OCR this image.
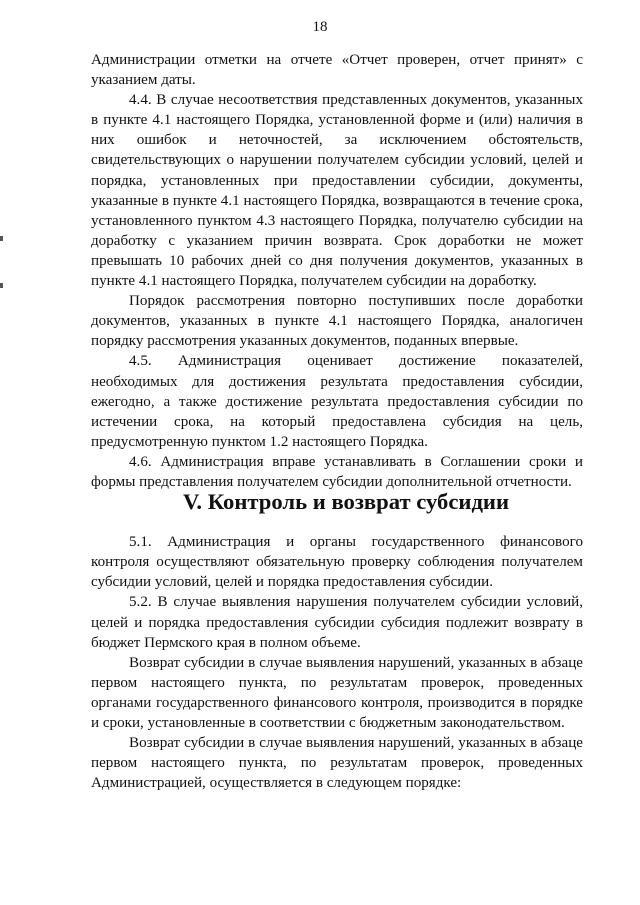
18

Администрации отметки на отчете «Отчет проверен, отчет принят» с указанием даты.

4.4. В случае несоответствия представленных документов, указанных в пункте 4.1 настоящего Порядка, установленной форме и (или) наличия в них ошибок и неточностей, за исключением обстоятельств, свидетельствующих о нарушении получателем субсидии условий, целей и порядка, установленных при предоставлении субсидии, документы, указанные в пункте 4.1 настоящего Порядка, возвращаются в течение срока, установленного пунктом 4.3 настоящего Порядка, получателю субсидии на доработку с указанием причин возврата. Срок доработки не может превышать 10 рабочих дней со дня получения документов, указанных в пункте 4.1 настоящего Порядка, получателем субсидии на доработку.

Порядок рассмотрения повторно поступивших после доработки документов, указанных в пункте 4.1 настоящего Порядка, аналогичен порядку рассмотрения указанных документов, поданных впервые.

4.5. Администрация оценивает достижение показателей, необходимых для достижения результата предоставления субсидии, ежегодно, а также достижение результата предоставления субсидии по истечении срока, на который предоставлена субсидия на цель, предусмотренную пунктом 1.2 настоящего Порядка.

4.6. Администрация вправе устанавливать в Соглашении сроки и формы представления получателем субсидии дополнительной отчетности.

V. Контроль и возврат субсидии

5.1. Администрация и органы государственного финансового контроля осуществляют обязательную проверку соблюдения получателем субсидии условий, целей и порядка предоставления субсидии.

5.2. В случае выявления нарушения получателем субсидии условий, целей и порядка предоставления субсидии субсидия подлежит возврату в бюджет Пермского края в полном объеме.

Возврат субсидии в случае выявления нарушений, указанных в абзаце первом настоящего пункта, по результатам проверок, проведенных органами государственного финансового контроля, производится в порядке и сроки, установленные в соответствии с бюджетным законодательством.

Возврат субсидии в случае выявления нарушений, указанных в абзаце первом настоящего пункта, по результатам проверок, проведенных Администрацией, осуществляется в следующем порядке:
